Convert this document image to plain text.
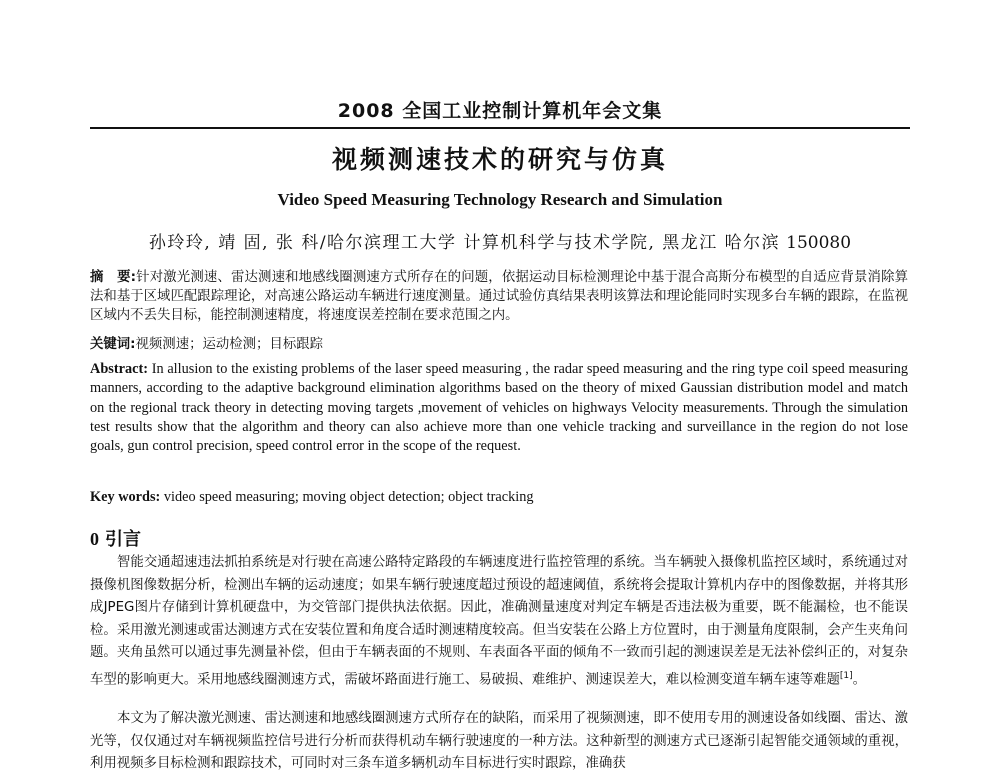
2008 全国工业控制计算机年会文集
视频测速技术的研究与仿真
Video Speed Measuring Technology Research and Simulation
孙玲玲, 靖 固, 张 科/哈尔滨理工大学 计算机科学与技术学院, 黑龙江 哈尔滨 150080

摘　要:针对激光测速、雷达测速和地感线圈测速方式所存在的问题，依据运动目标检测理论中基于混合高斯分布模型的自适应背景消除算法和基于区域匹配跟踪理论，对高速公路运动车辆进行速度测量。通过试验仿真结果表明该算法和理论能同时实现多台车辆的跟踪，在监视区域内不丢失目标，能控制测速精度，将速度误差控制在要求范围之内。

关键词:视频测速；运动检测；目标跟踪

Abstract: In allusion to the existing problems of the laser speed measuring , the radar speed measuring and the ring type coil speed measuring manners, according to the adaptive background elimination algorithms based on the theory of mixed Gaussian distribution model and match on the regional track theory in detecting moving targets ,movement of vehicles on highways Velocity measurements. Through the simulation test results show that the algorithm and theory can also achieve more than one vehicle tracking and surveillance in the region do not lose goals, gun control precision, speed control error in the scope of the request.

Key words: video speed measuring; moving object detection; object tracking

0 引言

智能交通超速违法抓拍系统是对行驶在高速公路特定路段的车辆速度进行监控管理的系统。当车辆驶入摄像机监控区域时，系统通过对摄像机图像数据分析，检测出车辆的运动速度；如果车辆行驶速度超过预设的超速阈值，系统将会提取计算机内存中的图像数据，并将其形成JPEG图片存储到计算机硬盘中，为交管部门提供执法依据。因此，准确测量速度对判定车辆是否违法极为重要，既不能漏检，也不能误检。采用激光测速或雷达测速方式在安装位置和角度合适时测速精度较高。但当安装在公路上方位置时，由于测量角度限制，会产生夹角问题。夹角虽然可以通过事先测量补偿，但由于车辆表面的不规则、车表面各平面的倾角不一致而引起的测速误差是无法补偿纠正的，对复杂车型的影响更大。采用地感线圈测速方式，需破坏路面进行施工、易破损、难维护、测速误差大，难以检测变道车辆车速等难题[1]。

本文为了解决激光测速、雷达测速和地感线圈测速方式所存在的缺陷，而采用了视频测速，即不使用专用的测速设备如线圈、雷达、激光等，仅仅通过对车辆视频监控信号进行分析而获得机动车辆行驶速度的一种方法。这种新型的测速方式已逐渐引起智能交通领域的重视，利用视频多目标检测和跟踪技术，可同时对三条车道多辆机动车目标进行实时跟踪，准确获
